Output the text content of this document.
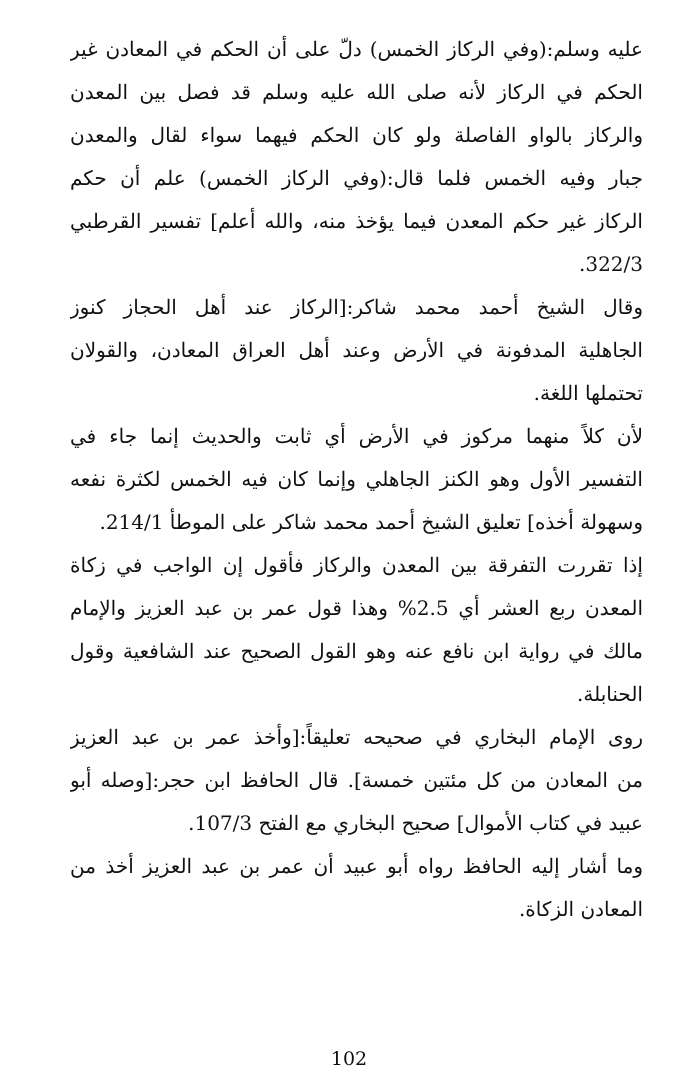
عليه وسلم:(وفي الركاز الخمس) دلّ على أن الحكم في المعادن غير
الحكم في الركاز لأنه صلى الله عليه وسلم قد فصل بين المعدن
والركاز بالواو الفاصلة ولو كان الحكم فيهما سواء لقال والمعدن
جبار وفيه الخمس فلما قال:(وفي الركاز الخمس) علم أن حكم
الركاز غير حكم المعدن فيما يؤخذ منه، والله أعلم] تفسير القرطبي
322/3.
وقال الشيخ أحمد محمد شاكر:[الركاز عند أهل الحجاز كنوز
الجاهلية المدفونة في الأرض وعند أهل العراق المعادن، والقولان
تحتملها اللغة.
لأن كلاً منهما مركوز في الأرض أي ثابت والحديث إنما جاء في
التفسير الأول وهو الكنز الجاهلي وإنما كان فيه الخمس لكثرة نفعه
وسهولة أخذه] تعليق الشيخ أحمد محمد شاكر على الموطأ 214/1.
إذا تقررت التفرقة بين المعدن والركاز فأقول إن الواجب في زكاة
المعدن ربع العشر أي 2.5% وهذا قول عمر بن عبد العزيز والإمام
مالك في رواية ابن نافع عنه وهو القول الصحيح عند الشافعية وقول
الحنابلة.
روى الإمام البخاري في صحيحه تعليقاً:[وأخذ عمر بن عبد العزيز
من المعادن من كل مئتين خمسة]. قال الحافظ ابن حجر:[وصله أبو
عبيد في كتاب الأموال] صحيح البخاري مع الفتح 107/3.
وما أشار إليه الحافظ رواه أبو عبيد أن عمر بن عبد العزيز أخذ من
المعادن الزكاة.
102
